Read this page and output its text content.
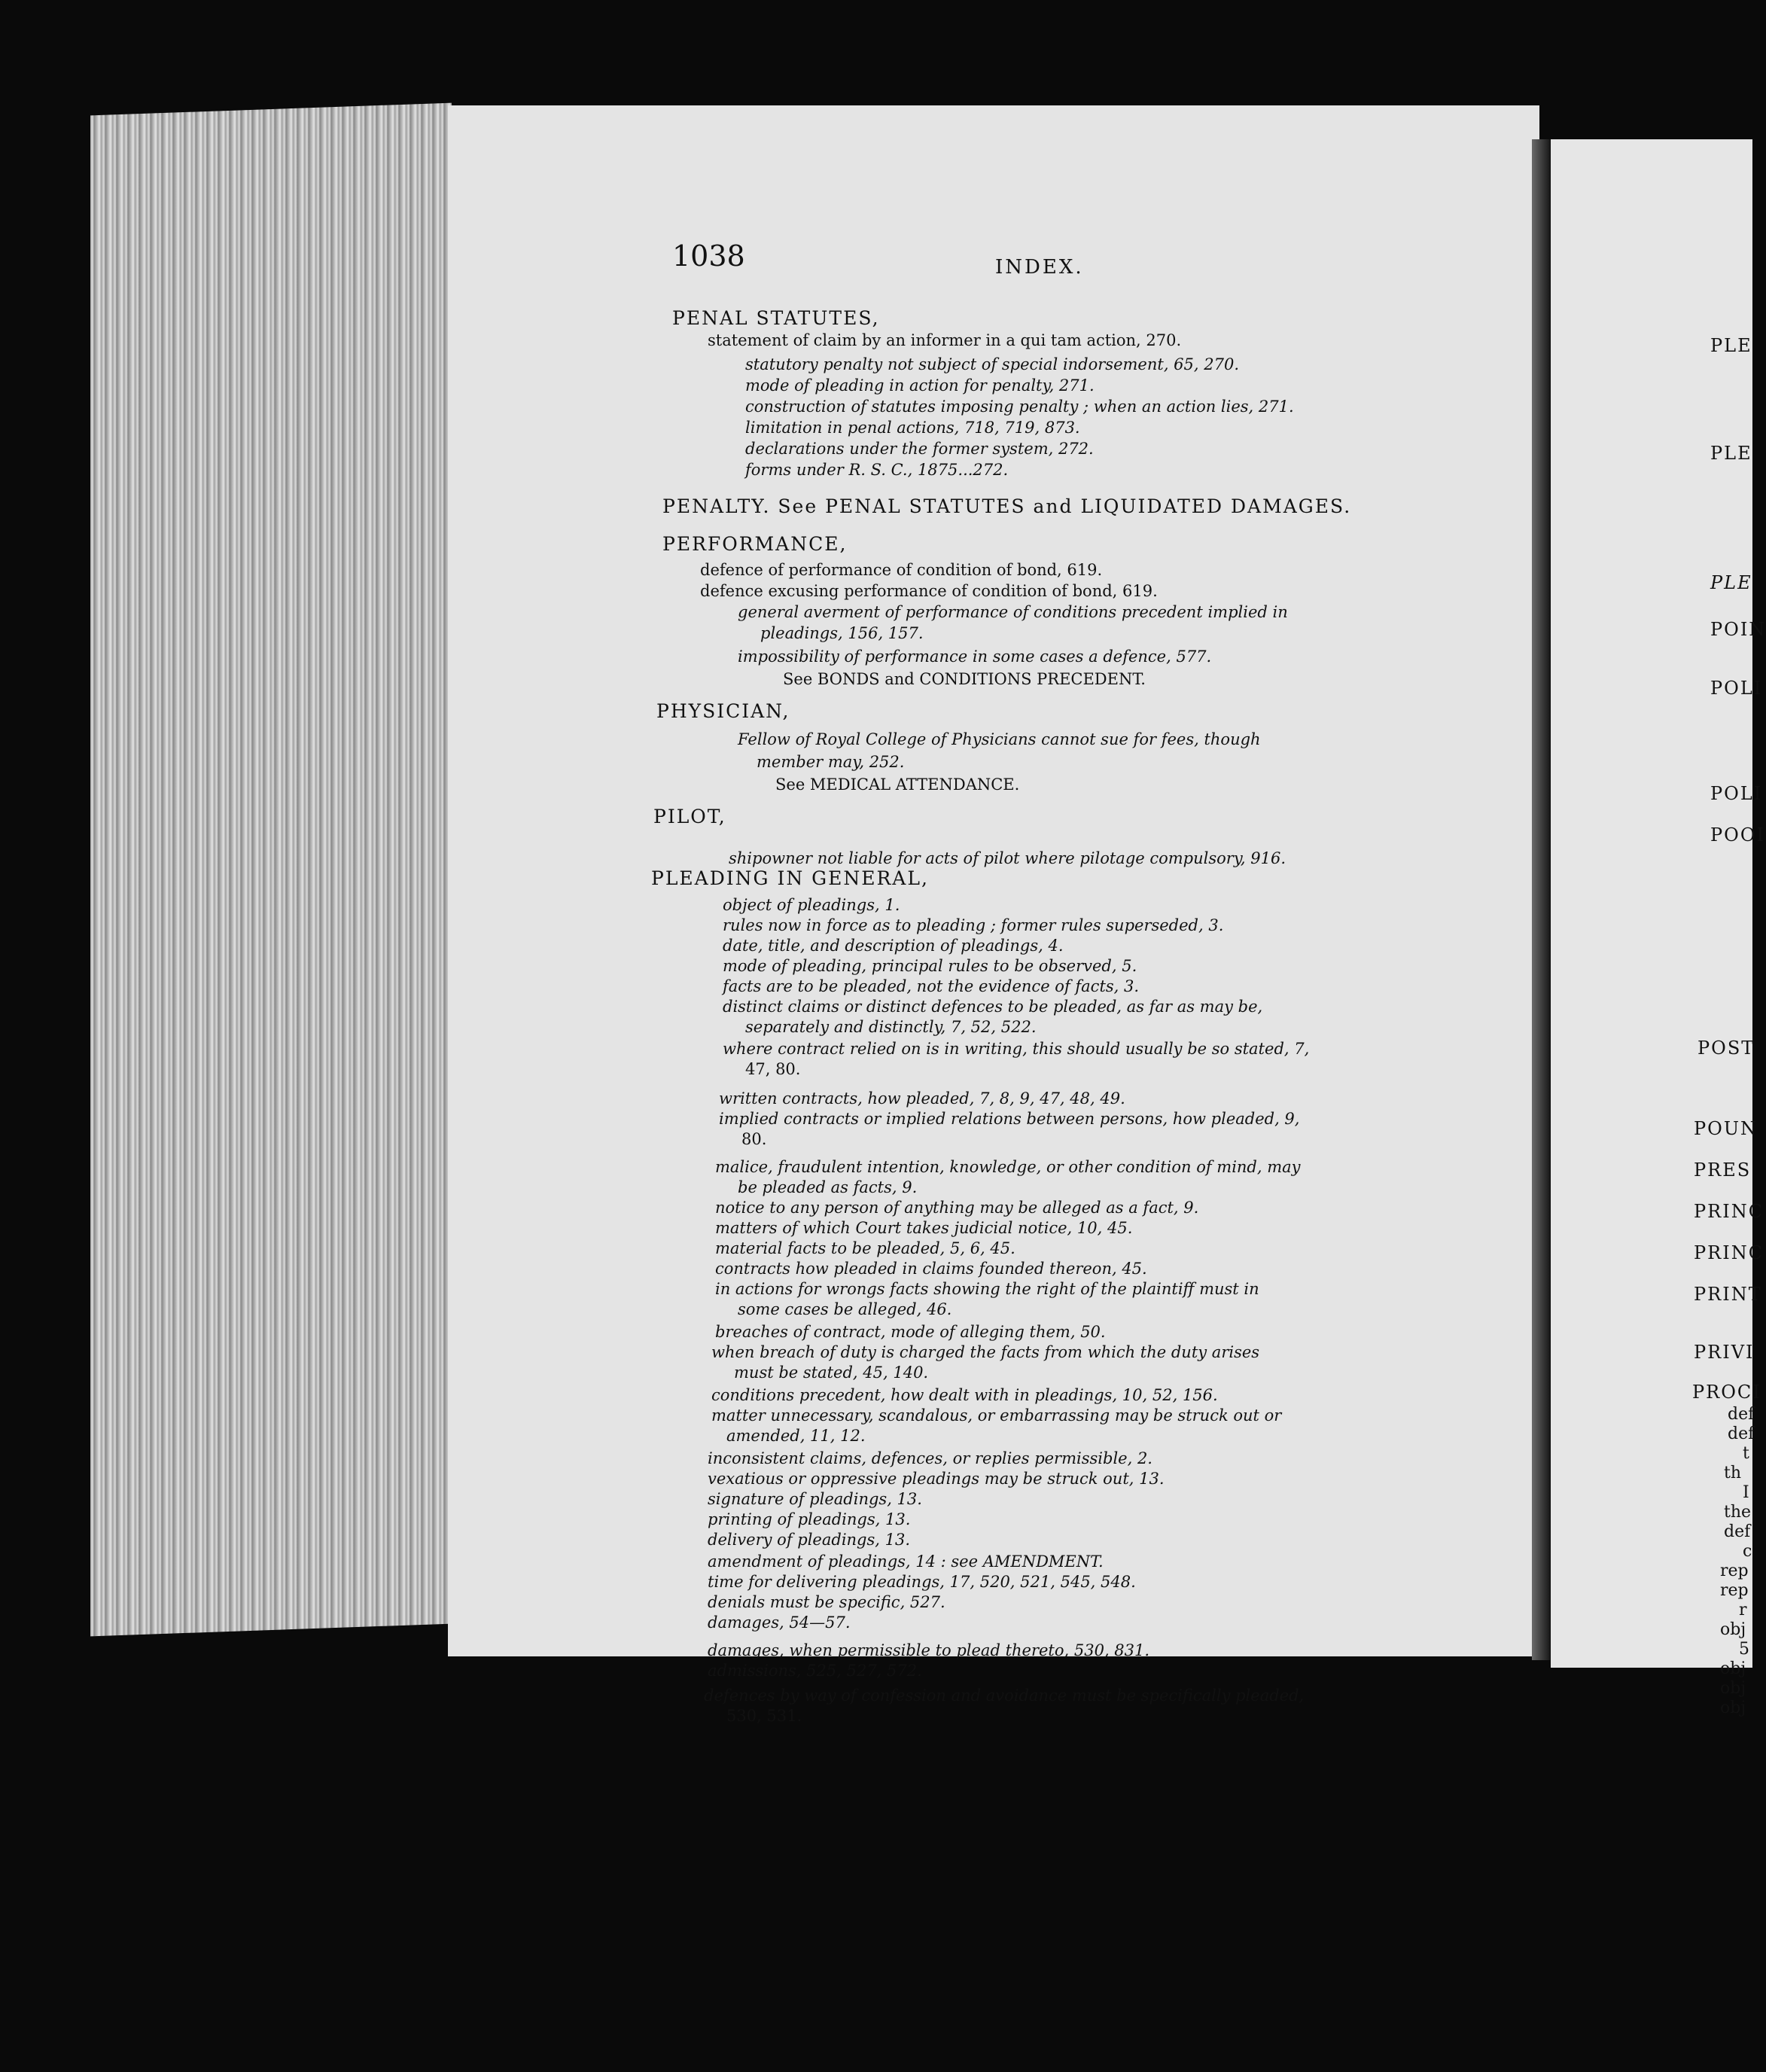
1038	INDEX.
PENAL STATUTES,
statement of claim by an informer in a qui tam action, 270.
statutory penalty not subject of special indorsement, 65, 270.
mode of pleading in action for penalty, 271.
construction of statutes imposing penalty ; when an action lies, 271.
limitation in penal actions, 718, 719, 873.
declarations under the former system, 272.
forms under R. S. C., 1875...272.
PENALTY. See PENAL STATUTES and LIQUIDATED DAMAGES.
PERFORMANCE,
defence of performance of condition of bond, 619.
defence excusing performance of condition of bond, 619.
general averment of performance of conditions precedent implied in
pleadings, 156, 157.
impossibility of performance in some cases a defence, 577.
See BONDS and CONDITIONS PRECEDENT.
PHYSICIAN,
Fellow of Royal College of Physicians cannot sue for fees, though
member may, 252.
See MEDICAL ATTENDANCE.
PILOT,
shipowner not liable for acts of pilot where pilotage compulsory, 916.
PLEADING IN GENERAL,
object of pleadings, 1.
rules now in force as to pleading ; former rules superseded, 3.
date, title, and description of pleadings, 4.
mode of pleading, principal rules to be observed, 5.
facts are to be pleaded, not the evidence of facts, 3.
distinct claims or distinct defences to be pleaded, as far as may be,
separately and distinctly, 7, 52, 522.
where contract relied on is in writing, this should usually be so stated, 7,
47, 80.
written contracts, how pleaded, 7, 8, 9, 47, 48, 49.
implied contracts or implied relations between persons, how pleaded, 9,
80.
malice, fraudulent intention, knowledge, or other condition of mind, may
be pleaded as facts, 9.
notice to any person of anything may be alleged as a fact, 9.
matters of which Court takes judicial notice, 10, 45.
material facts to be pleaded, 5, 6, 45.
contracts how pleaded in claims founded thereon, 45.
in actions for wrongs facts showing the right of the plaintiff must in
some cases be alleged, 46.
breaches of contract, mode of alleging them, 50.
when breach of duty is charged the facts from which the duty arises
must be stated, 45, 140.
conditions precedent, how dealt with in pleadings, 10, 52, 156.
matter unnecessary, scandalous, or embarrassing may be struck out or
amended, 11, 12.
inconsistent claims, defences, or replies permissible, 2.
vexatious or oppressive pleadings may be struck out, 13.
signature of pleadings, 13.
printing of pleadings, 13.
delivery of pleadings, 13.
amendment of pleadings, 14 : see AMENDMENT.
time for delivering pleadings, 17, 520, 521, 545, 548.
denials must be specific, 527.
damages, 54—57.
damages, when permissible to plead thereto, 530, 831.
admissions, 525, 527, 572.
defences by way of confession and avoidance must be specifically pleaded,
530, 531.
PLE
PLE
PLE
POIN
POLI
POLI
POOI
POST
POUN
PRES
PRINC
PRINC
PRINT
PRIVI
PROCI
def
def
t
th
I
the
def
c
rep
rep
r
obj
5
obj
obj
obj
